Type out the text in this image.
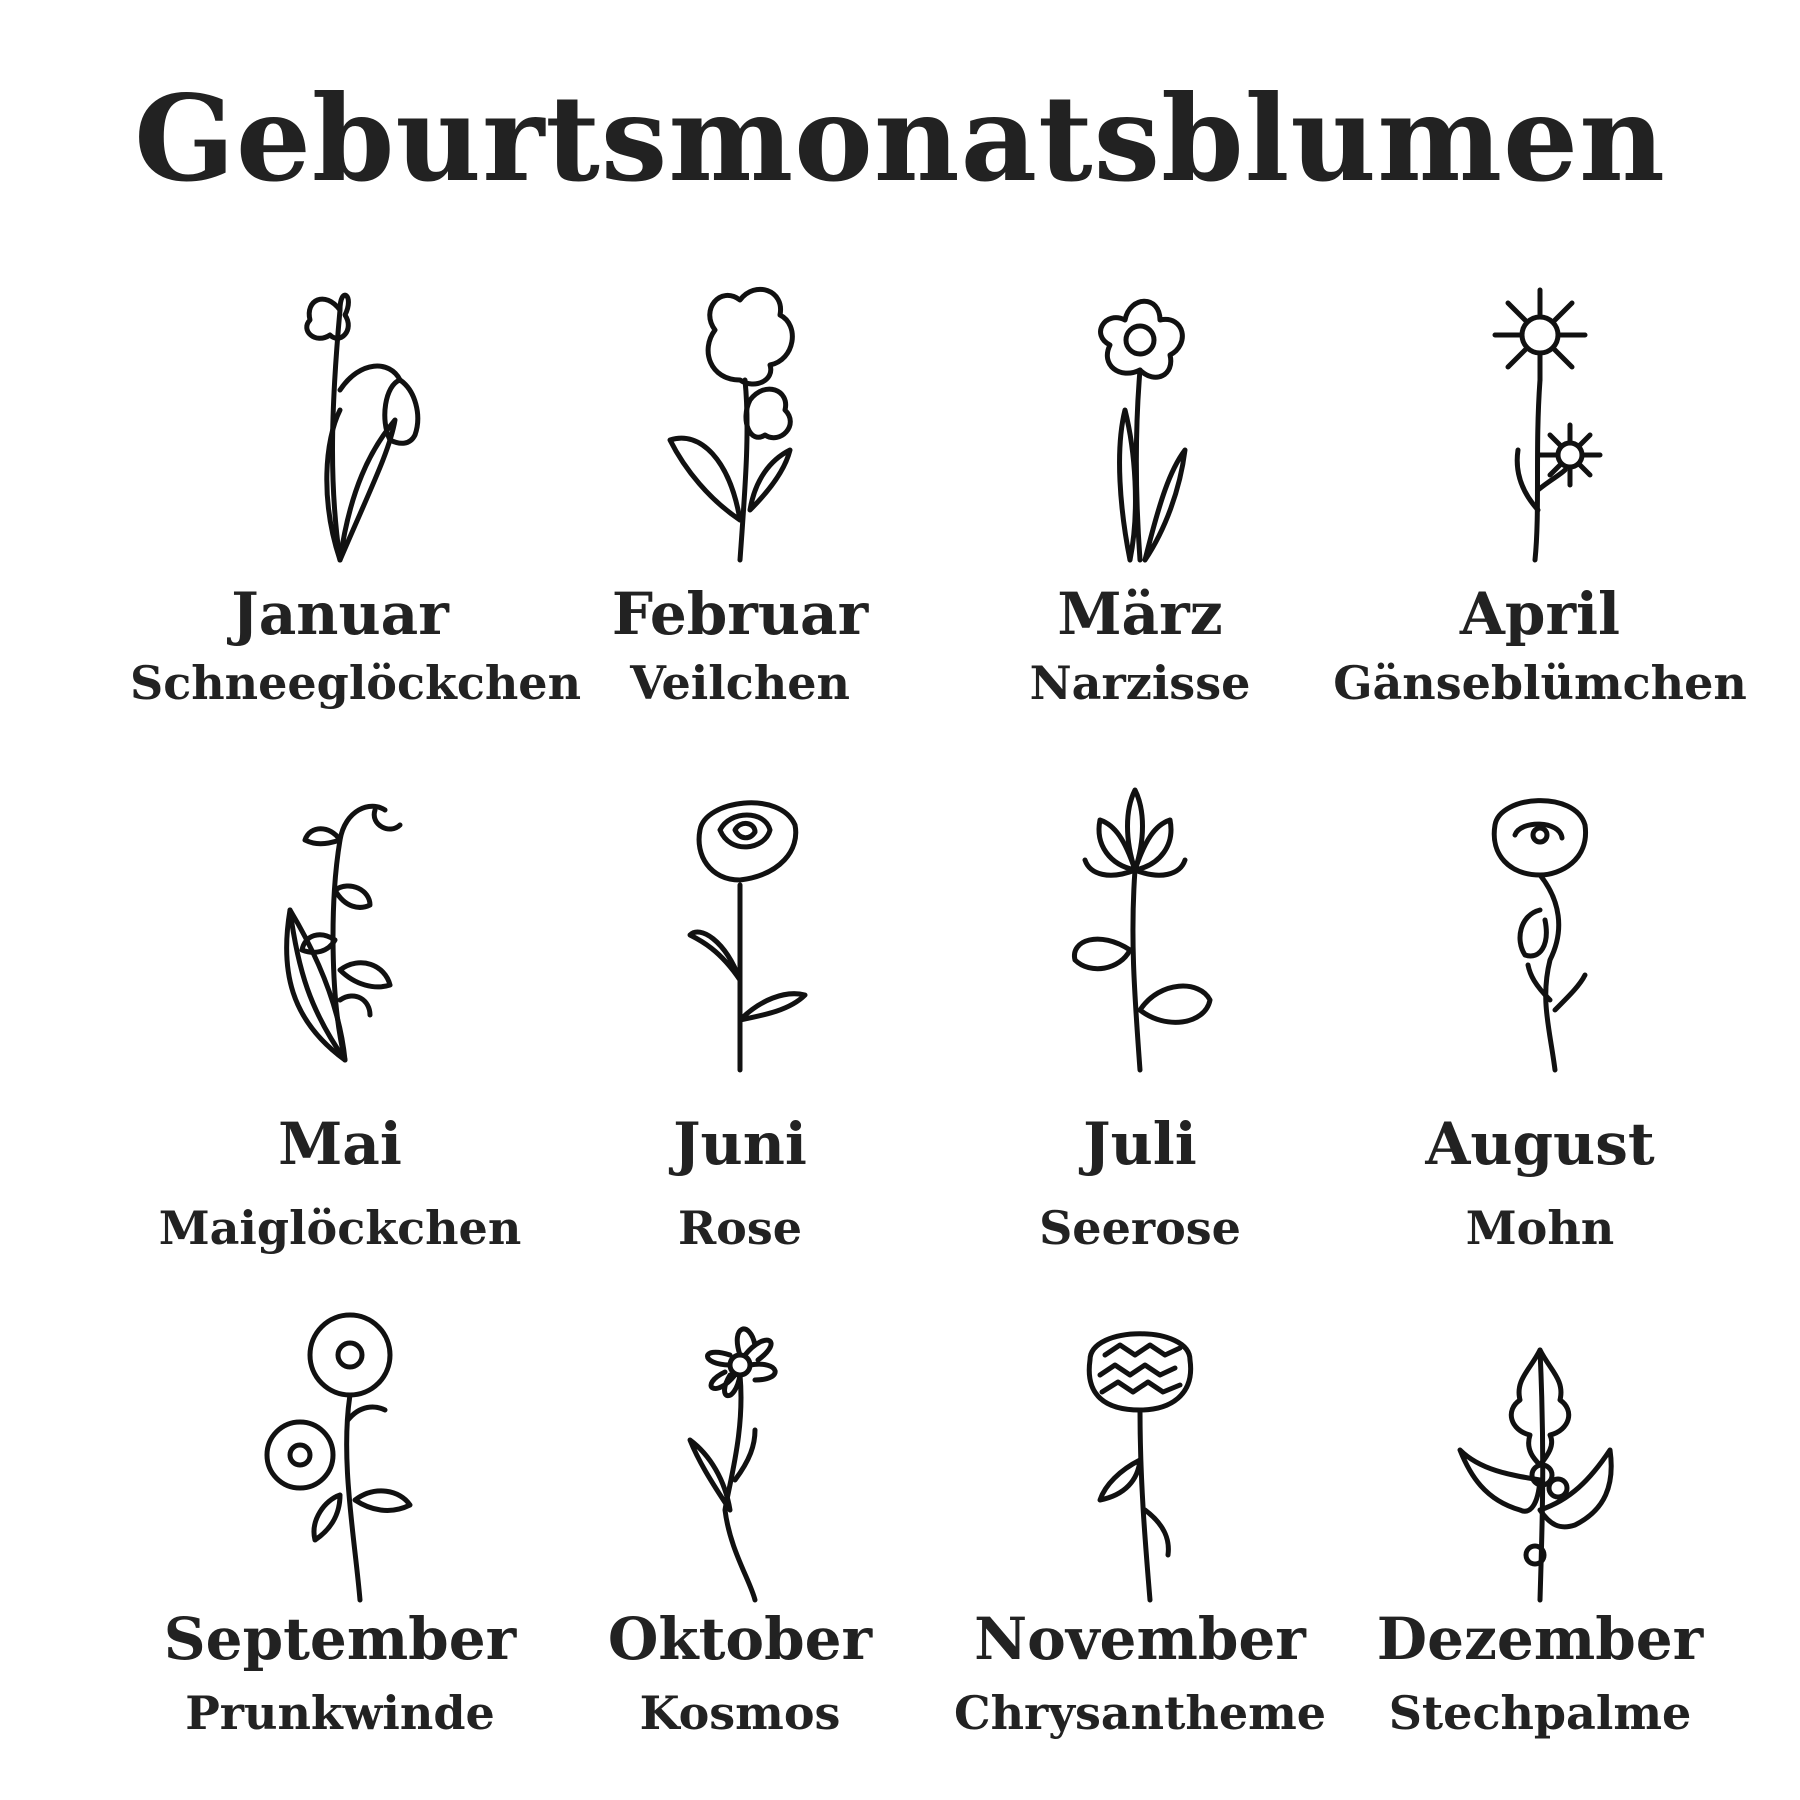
Geburtsmonatsblumen
Januar
Schneeglöckchen
Februar
Veilchen
März
Narzisse
April
Gänseblümchen
Mai
Maiglöckchen
Juni
Rose
Juli
Seerose
August
Mohn
September
Prunkwinde
Oktober
Kosmos
November
Chrysantheme
Dezember
Stechpalme
